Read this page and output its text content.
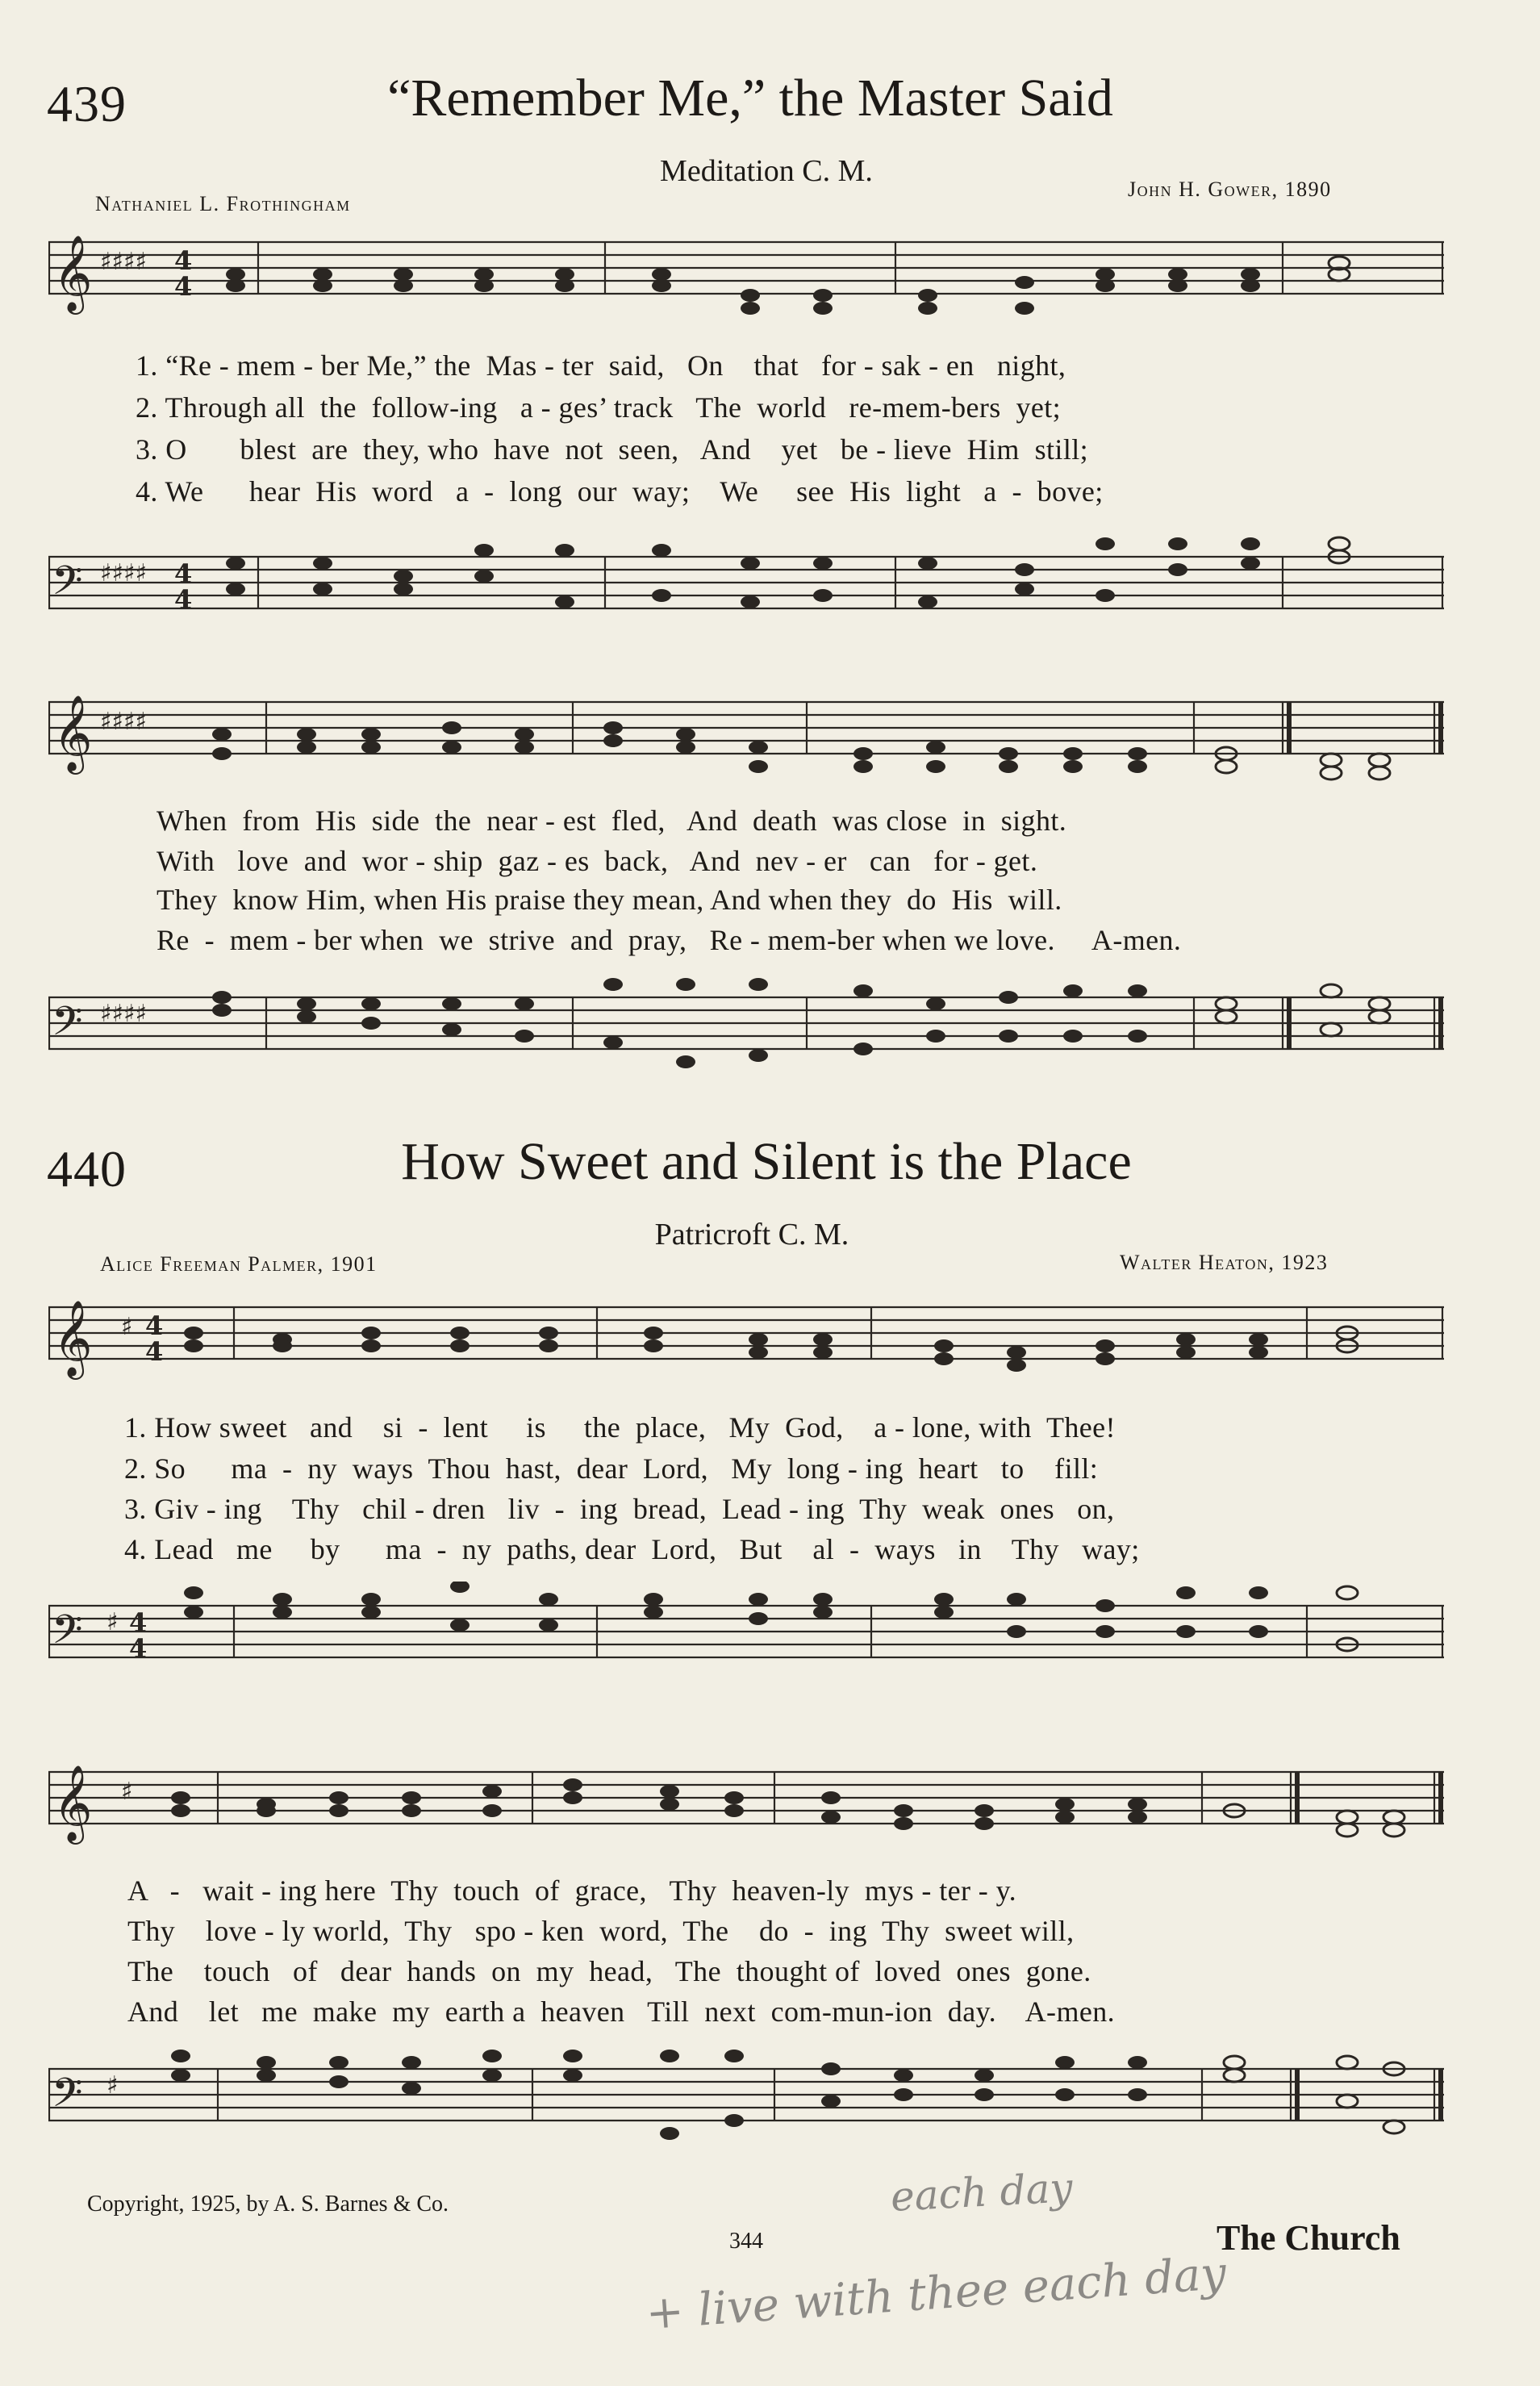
439	“Remember Me,” the Master Said
Meditation C. M.
Nathaniel L. Frothingham
John H. Gower, 1890
𝄞 ♯♯♯♯ 4
4
1. “Re - mem - ber Me,” the  Mas - ter  said,   On    that   for - sak - en   night,
2. Through all  the  follow-ing   a - ges’ track   The  world   re-mem-bers  yet;
3. O       blest  are  they, who  have  not  seen,   And    yet   be - lieve  Him  still;
4. We      hear  His  word   a  -  long  our  way;    We     see  His  light   a  -  bove;
𝄢 ♯♯♯♯ 4
4
𝄞 ♯♯♯♯
When  from  His  side  the  near - est  fled,   And  death  was close  in  sight.
With   love  and  wor - ship  gaz - es  back,   And  nev - er   can   for - get.
They  know Him, when His praise they mean, And when they  do  His  will.
Re  -  mem - ber when  we  strive  and  pray,   Re - mem-ber when we love.     A-men.
𝄢 ♯♯♯♯
440	How Sweet and Silent is the Place
Patricroft C. M.
Alice Freeman Palmer, 1901	Walter Heaton, 1923
𝄞 ♯ 4
4
1. How sweet   and    si  -  lent     is     the  place,   My  God,    a - lone, with  Thee!
2. So      ma  -  ny  ways  Thou  hast,  dear  Lord,   My  long - ing  heart   to    fill:
3. Giv - ing    Thy   chil - dren   liv  -  ing  bread,  Lead - ing  Thy  weak  ones   on,
4. Lead   me     by      ma  -  ny  paths, dear  Lord,   But    al  -  ways   in    Thy   way;
𝄢 ♯ 4
4
𝄞 ♯
A   -   wait - ing here  Thy  touch  of  grace,   Thy  heaven-ly  mys - ter - y.
Thy    love - ly world,  Thy   spo - ken  word,  The    do  -  ing  Thy  sweet will,
The    touch   of   dear  hands  on  my  head,   The  thought of  loved  ones  gone.
And    let   me  make  my  earth a  heaven   Till  next  com-mun-ion  day.    A-men.
𝄢 ♯
Copyright, 1925, by A. S. Barnes & Co.
344	The Church
each day
+ live with thee each day
